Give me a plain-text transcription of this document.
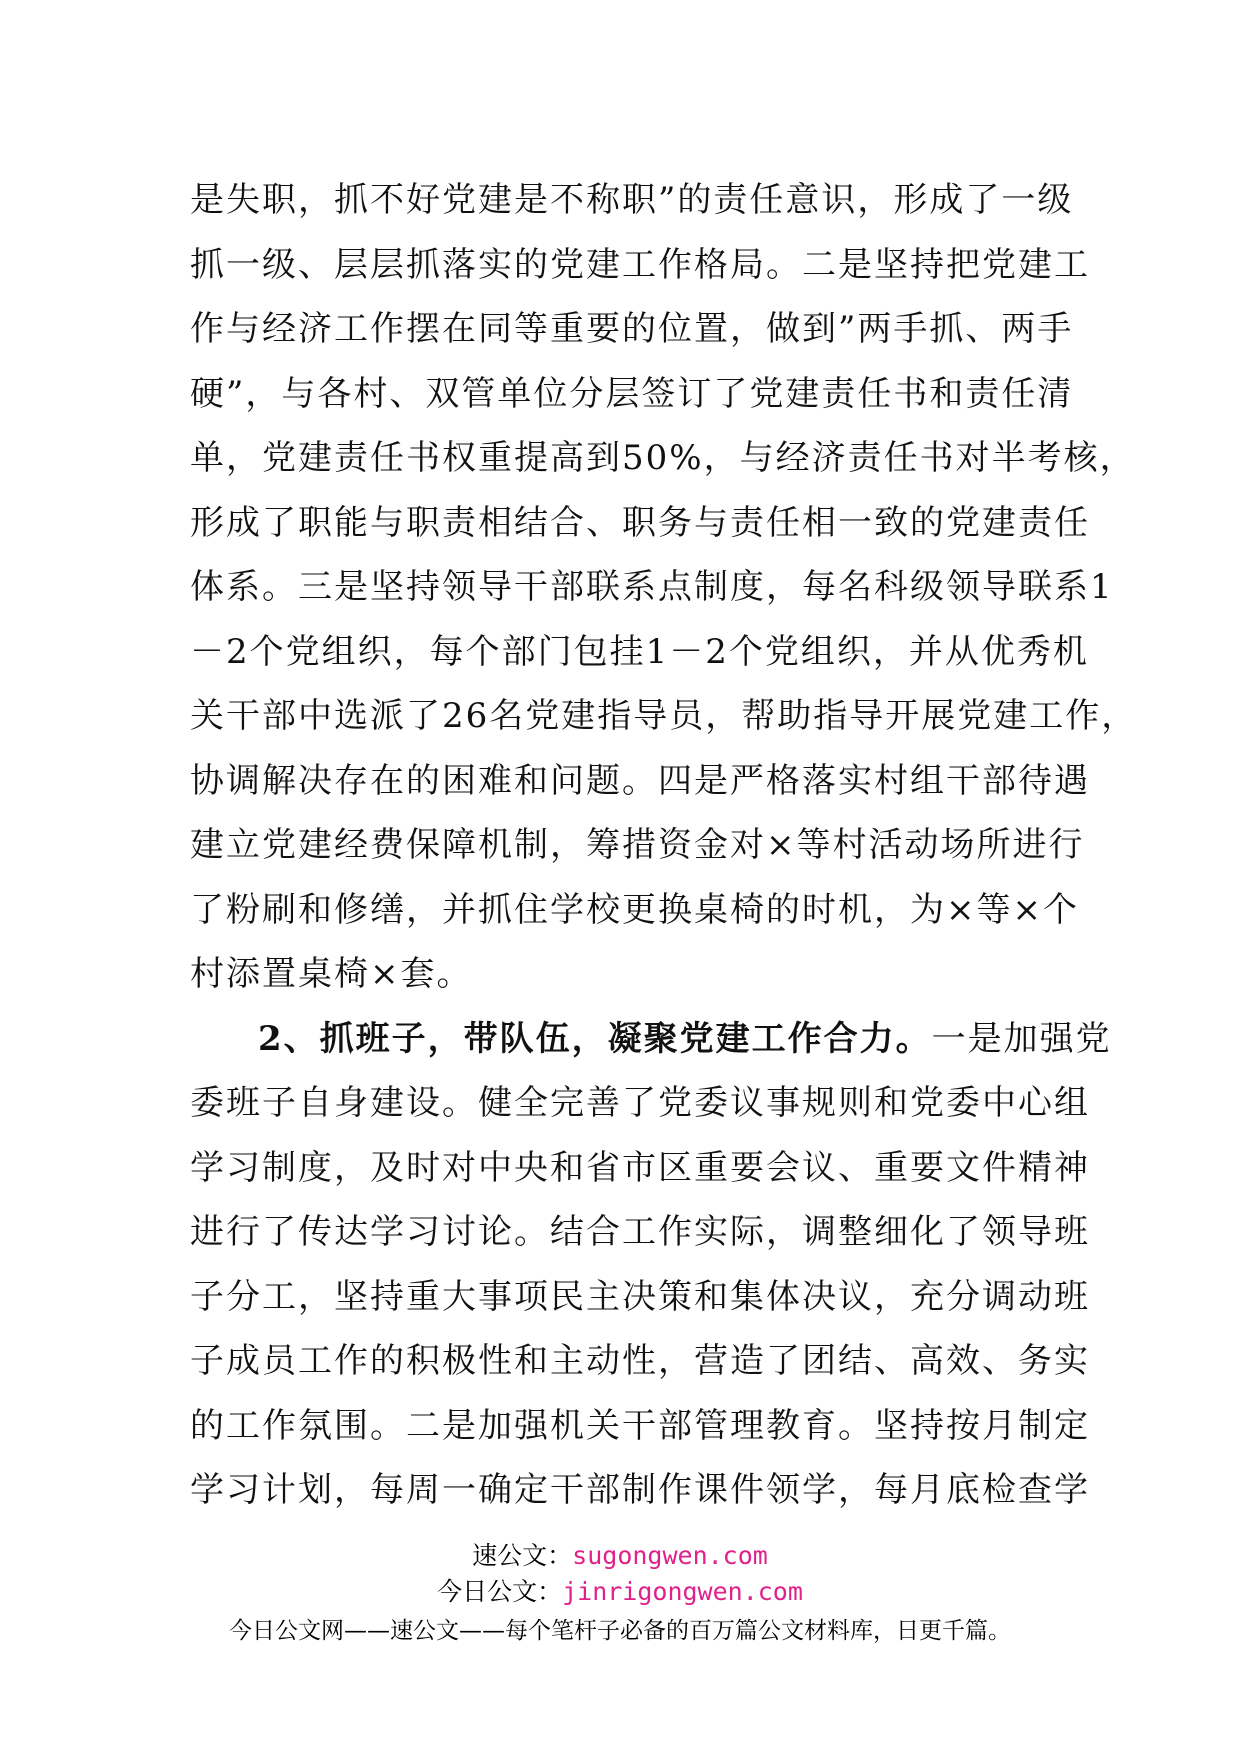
是失职，抓不好党建是不称职”的责任意识，形成了一级
抓一级、层层抓落实的党建工作格局。二是坚持把党建工
作与经济工作摆在同等重要的位置，做到”两手抓、两手
硬”，与各村、双管单位分层签订了党建责任书和责任清
单，党建责任书权重提高到50%，与经济责任书对半考核，
形成了职能与职责相结合、职务与责任相一致的党建责任
体系。三是坚持领导干部联系点制度，每名科级领导联系1
－2个党组织，每个部门包挂1－2个党组织，并从优秀机
关干部中选派了26名党建指导员，帮助指导开展党建工作，
协调解决存在的困难和问题。四是严格落实村组干部待遇
建立党建经费保障机制，筹措资金对×等村活动场所进行
了粉刷和修缮，并抓住学校更换桌椅的时机，为×等×个
村添置桌椅×套。
2、抓班子，带队伍，凝聚党建工作合力。一是加强党
委班子自身建设。健全完善了党委议事规则和党委中心组
学习制度，及时对中央和省市区重要会议、重要文件精神
进行了传达学习讨论。结合工作实际，调整细化了领导班
子分工，坚持重大事项民主决策和集体决议，充分调动班
子成员工作的积极性和主动性，营造了团结、高效、务实
的工作氛围。二是加强机关干部管理教育。坚持按月制定
学习计划，每周一确定干部制作课件领学，每月底检查学
速公文：sugongwen.com
今日公文：jinrigongwen.com
今日公文网——速公文——每个笔杆子必备的百万篇公文材料库，日更千篇。
